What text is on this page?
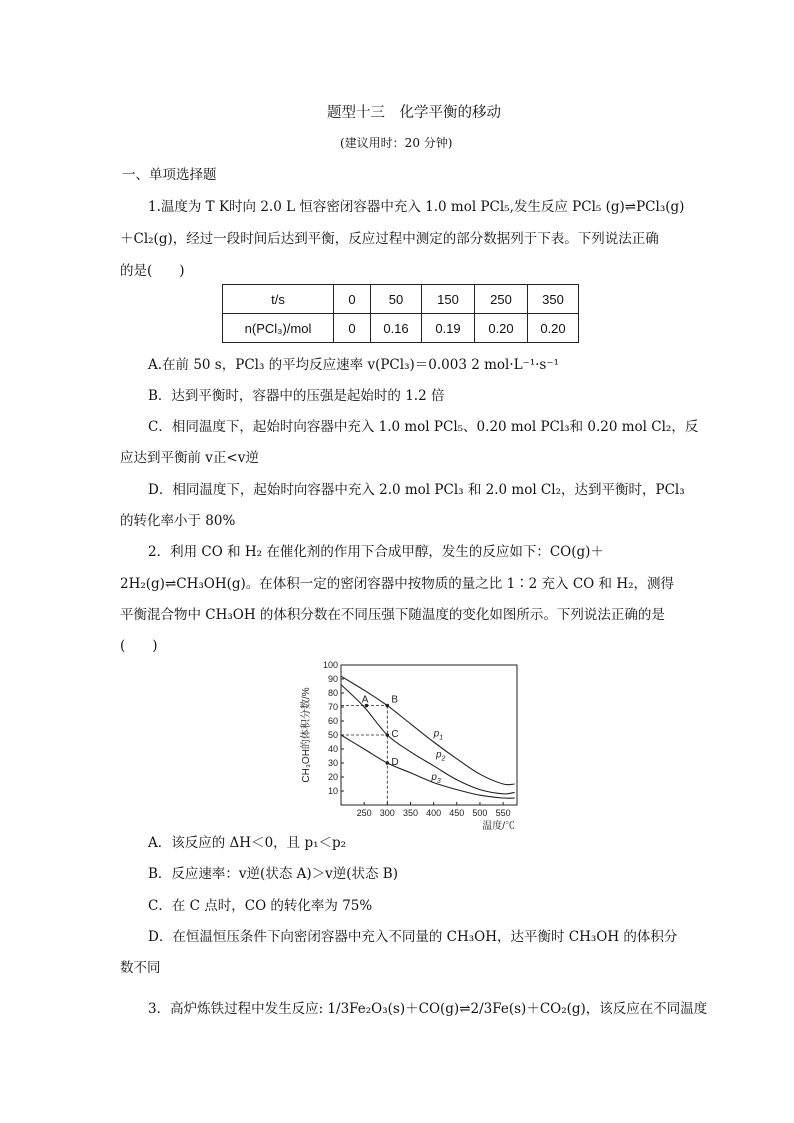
题型十三　化学平衡的移动
(建议用时：20 分钟)
一、单项选择题
1.温度为 T K时向 2.0 L 恒容密闭容器中充入 1.0 mol PCl₅,发生反应 PCl₅ (g)⇌PCl₃(g)
＋Cl₂(g)，经过一段时间后达到平衡，反应过程中测定的部分数据列于下表。下列说法正确
的是(　　)
t/s	0	50	150	250	350
n(PCl₃)/mol	0	0.16	0.19	0.20	0.20
A.在前 50 s，PCl₃ 的平均反应速率 v(PCl₃)＝0.003 2 mol·L⁻¹·s⁻¹
B．达到平衡时，容器中的压强是起始时的 1.2 倍
C．相同温度下，起始时向容器中充入 1.0 mol PCl₅、0.20 mol PCl₃和 0.20 mol Cl₂，反
应达到平衡前 v正<v逆
D．相同温度下，起始时向容器中充入 2.0 mol PCl₃ 和 2.0 mol Cl₂，达到平衡时，PCl₃
的转化率小于 80%
2．利用 CO 和 H₂ 在催化剂的作用下合成甲醇，发生的反应如下：CO(g)＋
2H₂(g)⇌CH₃OH(g)。在体积一定的密闭容器中按物质的量之比 1∶2 充入 CO 和 H₂，测得
平衡混合物中 CH₃OH 的体积分数在不同压强下随温度的变化如图所示。下列说法正确的是
(　　)
10
20
30
40
50
60
70
80
90
100
250 300 350 400 450 500 550
温度/℃
CH₃OH的体积分数/%	$p_1$
$p_2$
$p_3$
A B
C
D
A．该反应的 ΔH＜0，且 p₁＜p₂
B．反应速率：v逆(状态 A)＞v逆(状态 B)
C．在 C 点时，CO 的转化率为 75%
D．在恒温恒压条件下向密闭容器中充入不同量的 CH₃OH，达平衡时 CH₃OH 的体积分
数不同
3．高炉炼铁过程中发生反应: 1/3Fe₂O₃(s)＋CO(g)⇌2/3Fe(s)＋CO₂(g)，该反应在不同温度
